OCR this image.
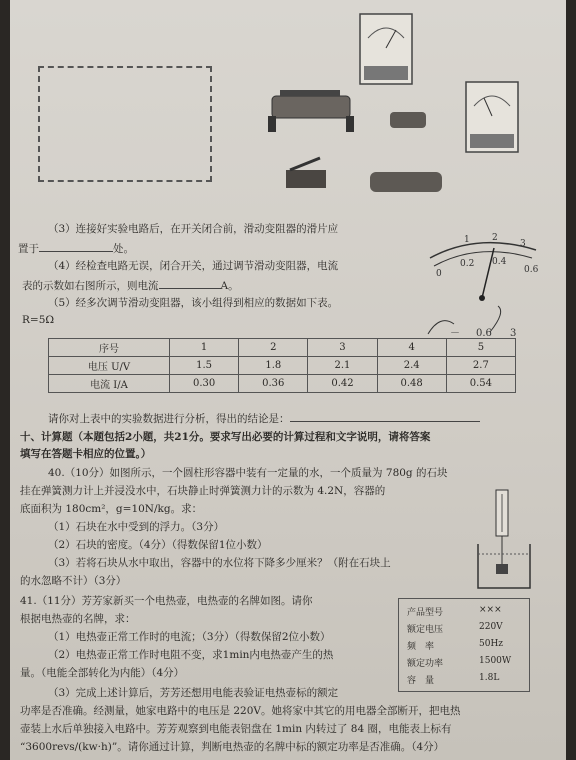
（3）连接好实验电路后，在开关闭合前，滑动变阻器的滑片应
置于	处。
（4）经检查电路无误，闭合开关，通过调节滑动变阻器，电流
表的示数如右图所示，则电流	A。
（5）经多次调节滑动变阻器，该小组得到相应的数据如下表。
R=5Ω
1 2
3
0
0.2 0.4
0.6
－ 0.6 3
序号	1	2	3	4	5
电压 U/V	1.5	1.8	2.1	2.4	2.7
电流 I/A	0.30	0.36	0.42	0.48	0.54
请你对上表中的实验数据进行分析，得出的结论是：
十、计算题（本题包括2小题，共21分。要求写出必要的计算过程和文字说明，请将答案
填写在答题卡相应的位置。）
40.（10分）如图所示，一个圆柱形容器中装有一定量的水，一个质量为 780g 的石块
挂在弹簧测力计上并浸没水中，石块静止时弹簧测力计的示数为 4.2N，容器的
底面积为 180cm²，g=10N/kg。求：
（1）石块在水中受到的浮力。（3分）
（2）石块的密度。（4分）（得数保留1位小数）
（3）若将石块从水中取出，容器中的水位将下降多少厘米？（附在石块上
的水忽略不计）（3分）
41.（11分）芳芳家新买一个电热壶，电热壶的名牌如图。请你
根据电热壶的名牌，求：
（1）电热壶正常工作时的电流；（3分）（得数保留2位小数）
（2）电热壶正常工作时电阻不变，求1min内电热壶产生的热
量。（电能全部转化为内能）（4分）
（3）完成上述计算后，芳芳还想用电能表验证电热壶标的额定
功率是否准确。经测量，她家电路中的电压是 220V。她将家中其它的用电器全部断开，把电热
壶装上水后单独接入电路中。芳芳观察到电能表铝盘在 1min 内转过了 84 圈，电能表上标有
“3600revs/(kw·h)”。请你通过计算，判断电热壶的名牌中标的额定功率是否准确。（4分）
产品型号	×××
额定电压	220V
频　率	50Hz
额定功率	1500W
容　量	1.8L
